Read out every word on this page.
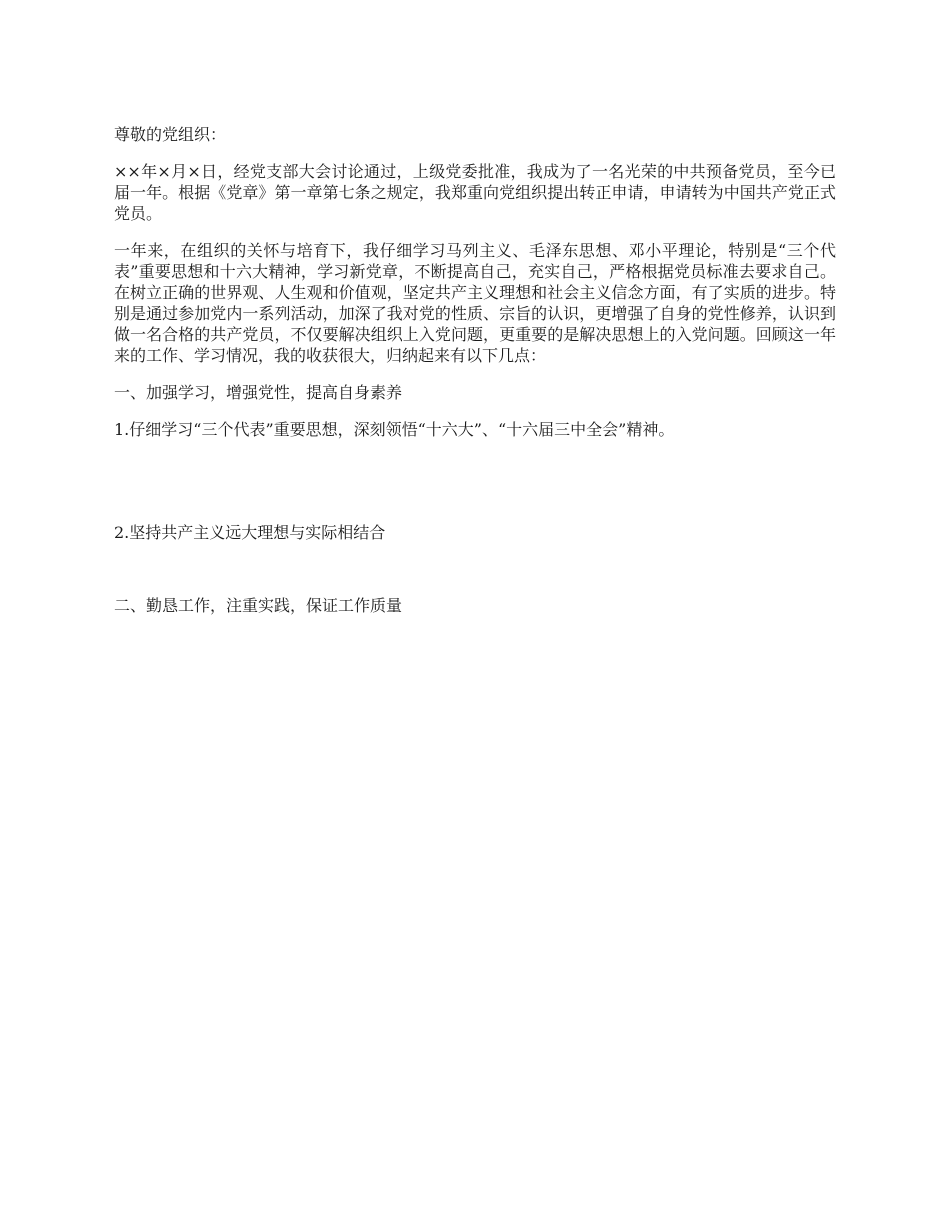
尊敬的党组织：

××年×月×日，经党支部大会讨论通过，上级党委批准，我成为了一名光荣的中共预备党员，至今已届一年。根据《党章》第一章第七条之规定，我郑重向党组织提出转正申请，申请转为中国共产党正式党员。

一年来，在组织的关怀与培育下，我仔细学习马列主义、毛泽东思想、邓小平理论，特别是“三个代表”重要思想和十六大精神，学习新党章，不断提高自己，充实自己，严格根据党员标准去要求自己。在树立正确的世界观、人生观和价值观，坚定共产主义理想和社会主义信念方面，有了实质的进步。特别是通过参加党内一系列活动，加深了我对党的性质、宗旨的认识，更增强了自身的党性修养，认识到做一名合格的共产党员，不仅要解决组织上入党问题，更重要的是解决思想上的入党问题。回顾这一年来的工作、学习情况，我的收获很大，归纳起来有以下几点：

一、加强学习，增强党性，提高自身素养

1.仔细学习“三个代表”重要思想，深刻领悟“十六大”、“十六届三中全会”精神。

2.坚持共产主义远大理想与实际相结合

二、勤恳工作，注重实践，保证工作质量
